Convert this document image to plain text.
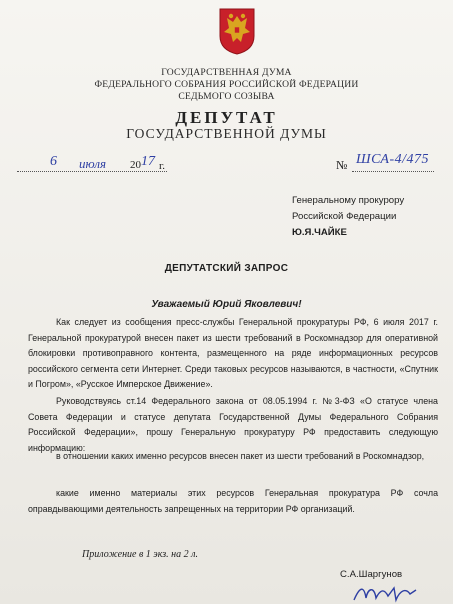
ГОСУДАРСТВЕННАЯ ДУМА
ФЕДЕРАЛЬНОГО СОБРАНИЯ РОССИЙСКОЙ ФЕДЕРАЦИИ
СЕДЬМОГО СОЗЫВА
ДЕПУТАТ
ГОСУДАРСТВЕННОЙ ДУМЫ
6 июля 20 17 г.	№ ШСА-4/475
Генеральному прокурору
Российской Федерации
Ю.Я.ЧАЙКЕ
ДЕПУТАТСКИЙ ЗАПРОС
Уважаемый Юрий Яковлевич!
Как следует из сообщения пресс-службы Генеральной прокуратуры РФ, 6 июля 2017 г. Генеральной прокуратурой внесен пакет из шести требований в Роскомнадзор для оперативной блокировки противоправного контента, размещенного на ряде информационных ресурсов российского сегмента сети Интернет. Среди таковых ресурсов называются, в частности, «Спутник и Погром», «Русское Имперское Движение».
Руководствуясь ст.14 Федерального закона от 08.05.1994 г. №3-ФЗ «О статусе члена Совета Федерации и статусе депутата Государственной Думы Федерального Собрания Российской Федерации», прошу Генеральную прокуратуру РФ предоставить следующую информацию:
в отношении каких именно ресурсов внесен пакет из шести требований в Роскомнадзор,
какие именно материалы этих ресурсов Генеральная прокуратура РФ сочла оправдывающими деятельность запрещенных на территории РФ организаций.
Приложение в 1 экз. на 2 л.
С.А.Шаргунов
